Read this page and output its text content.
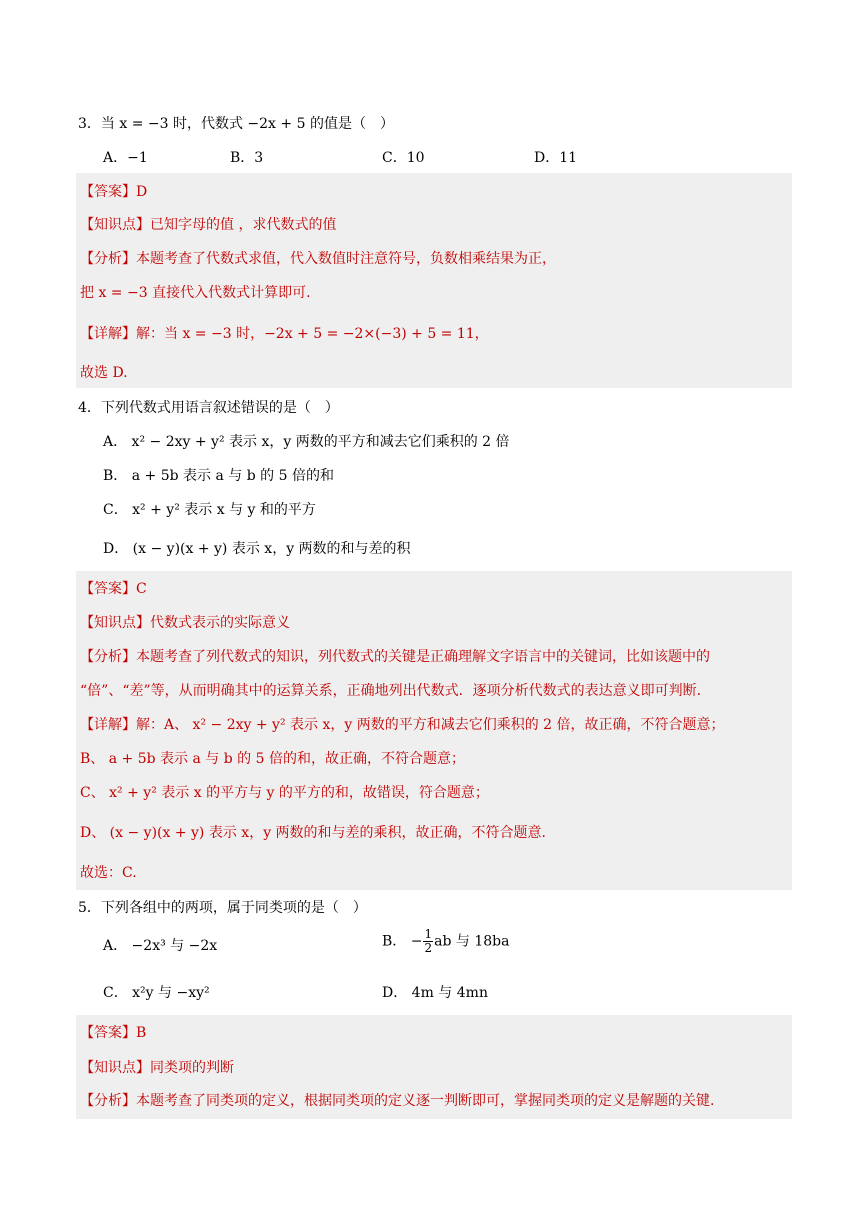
3．当 x = −3 时，代数式 −2x + 5 的值是（　）
A．−1	B．3	C．10	D．11
【答案】D
【知识点】已知字母的值 ，求代数式的值
【分析】本题考查了代数式求值，代入数值时注意符号，负数相乘结果为正，
把 x = −3 直接代入代数式计算即可.
【详解】解：当 x = −3 时，−2x + 5 = −2×(−3) + 5 = 11，
故选 D.
4．下列代数式用语言叙述错误的是（　）
A． x² − 2xy + y² 表示 x，y 两数的平方和减去它们乘积的 2 倍
B． a + 5b 表示 a 与 b 的 5 倍的和
C． x² + y² 表示 x 与 y 和的平方
D． (x − y)(x + y) 表示 x，y 两数的和与差的积
【答案】C
【知识点】代数式表示的实际意义
【分析】本题考查了列代数式的知识，列代数式的关键是正确理解文字语言中的关键词，比如该题中的
“倍”、“差”等，从而明确其中的运算关系，正确地列出代数式．逐项分析代数式的表达意义即可判断.
【详解】解：A、 x² − 2xy + y² 表示 x，y 两数的平方和减去它们乘积的 2 倍，故正确，不符合题意；
B、 a + 5b 表示 a 与 b 的 5 倍的和，故正确，不符合题意；
C、 x² + y² 表示 x 的平方与 y 的平方的和，故错误，符合题意；
D、 (x − y)(x + y) 表示 x，y 两数的和与差的乘积，故正确，不符合题意.
故选：C.
5．下列各组中的两项，属于同类项的是（　）
A． −2x³ 与 −2x	B． − $\frac{1}{2}$ ab 与 18ba
C． x²y 与 −xy²	D． 4m 与 4mn
【答案】B
【知识点】同类项的判断
【分析】本题考查了同类项的定义，根据同类项的定义逐一判断即可，掌握同类项的定义是解题的关键.
